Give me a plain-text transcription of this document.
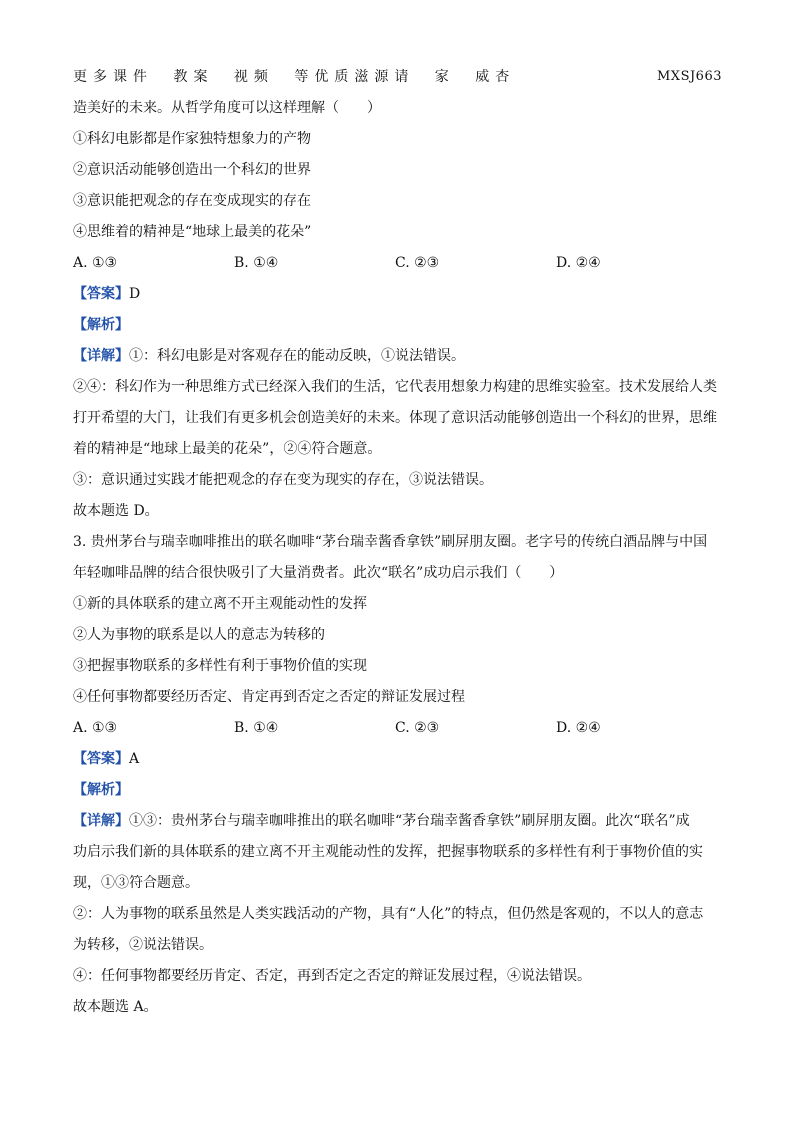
更多课件 教案 视频 等优质滋源请 家 威杏	MXSJ663
造美好的未来。从哲学角度可以这样理解（　　）
①科幻电影都是作家独特想象力的产物
②意识活动能够创造出一个科幻的世界
③意识能把观念的存在变成现实的存在
④思维着的精神是“地球上最美的花朵”
A. ①③	B. ①④	C. ②③	D. ②④
【答案】D
【解析】
【详解】①：科幻电影是对客观存在的能动反映，①说法错误。
②④：科幻作为一种思维方式已经深入我们的生活，它代表用想象力构建的思维实验室。技术发展给人类
打开希望的大门，让我们有更多机会创造美好的未来。体现了意识活动能够创造出一个科幻的世界，思维
着的精神是“地球上最美的花朵”，②④符合题意。
③：意识通过实践才能把观念的存在变为现实的存在，③说法错误。
故本题选 D。
3. 贵州茅台与瑞幸咖啡推出的联名咖啡“茅台瑞幸酱香拿铁”刷屏朋友圈。老字号的传统白酒品牌与中国
年轻咖啡品牌的结合很快吸引了大量消费者。此次“联名”成功启示我们（　　）
①新的具体联系的建立离不开主观能动性的发挥
②人为事物的联系是以人的意志为转移的
③把握事物联系的多样性有利于事物价值的实现
④任何事物都要经历否定、肯定再到否定之否定的辩证发展过程
A. ①③	B. ①④	C. ②③	D. ②④
【答案】A
【解析】
【详解】①③：贵州茅台与瑞幸咖啡推出的联名咖啡“茅台瑞幸酱香拿铁”刷屏朋友圈。此次“联名”成
功启示我们新的具体联系的建立离不开主观能动性的发挥，把握事物联系的多样性有利于事物价值的实
现，①③符合题意。
②：人为事物的联系虽然是人类实践活动的产物，具有“人化”的特点，但仍然是客观的，不以人的意志
为转移，②说法错误。
④：任何事物都要经历肯定、否定，再到否定之否定的辩证发展过程，④说法错误。
故本题选 A。
